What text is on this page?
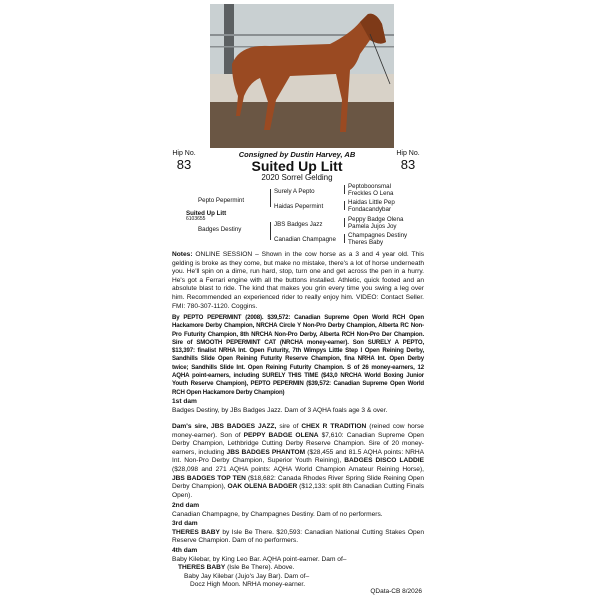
Hip No.
83
Hip No.
83
Consigned by Dustin Harvey, AB
Suited Up Litt
2020 Sorrel Gelding
Pepto Pepermint
Suited Up Litt
6103655
Badges Destiny
Surely A Pepto
Haidas Pepermint
JBS Badges Jazz
Canadian Champagne
Peptoboonsmal
Freckles O Lena
Haidas Little Pep
Fondacandybar
Peppy Badge Olena
Pamela Jujos Joy
Champagnes Destiny
Theres Baby
Notes: ONLINE SESSION – Shown in the cow horse as a 3 and 4 year old. This gelding is broke as they come, but make no mistake, there's a lot of horse underneath you. He'll spin on a dime, run hard, stop, turn one and get across the pen in a hurry. He's got a Ferrari engine with all the buttons installed. Athletic, quick footed and an absolute blast to ride. The kind that makes you grin every time you swing a leg over him. Recommended an experienced rider to really enjoy him. VIDEO: Contact Seller. FMI: 780-307-1120. Coggins.
By PEPTO PEPERMINT (2008). $39,572: Canadian Supreme Open World RCH Open Hackamore Derby Champion, NRCHA Circle Y Non-Pro Derby Champion, Alberta RC Non-Pro Futurity Champion, 8th NRCHA Non-Pro Derby, Alberta RCH Non-Pro Der Champion. Sire of SMOOTH PEPERMINT CAT (NRCHA money-earner). Son SURELY A PEPTO, $13,397: finalist NRHA Int. Open Futurity, 7th Wimpys Little Step I Open Reining Derby, Sandhills Slide Open Reining Futurity Reserve Champion, fina NRHA Int. Open Derby twice; Sandhills Slide Int. Open Reining Futurity Champion. S of 26 money-earners, 12 AQHA point-earners, including SURELY THIS TIME ($43,0 NRCHA World Boxing Junior Youth Reserve Champion), PEPTO PEPERMIN ($39,572: Canadian Supreme Open World RCH Open Hackamore Derby Champion)
1st dam
Badges Destiny, by JBs Badges Jazz. Dam of 3 AQHA foals age 3 & over.
Dam's sire, JBS BADGES JAZZ, sire of CHEX R TRADITION (reined cow horse money-earner). Son of PEPPY BADGE OLENA $7,610: Canadian Supreme Open Derby Champion, Lethbridge Cutting Derby Reserve Champion. Sire of 20 money-earners, including JBS BADGES PHANTOM ($28,455 and 81.5 AQHA points: NRHA Int. Non-Pro Derby Champion, Superior Youth Reining), BADGES DISCO LADDIE ($28,098 and 271 AQHA points: AQHA World Champion Amateur Reining Horse), JBS BADGES TOP TEN ($18,682: Canada Rhodes River Spring Slide Reining Open Derby Champion), OAK OLENA BADGER ($12,133: split 8th Canadian Cutting Finals Open).
2nd dam
Canadian Champagne, by Champagnes Destiny. Dam of no performers.
3rd dam
THERES BABY by Isle Be There. $20,593: Canadian National Cutting Stakes Open Reserve Champion. Dam of no performers.
4th dam
Baby Kilebar, by King Leo Bar. AQHA point-earner. Dam of–
THERES BABY (Isle Be There). Above.
Baby Jay Kilebar (Jujo's Jay Bar). Dam of–
Docz High Moon. NRHA money-earner.
QData-CB 8/2026
